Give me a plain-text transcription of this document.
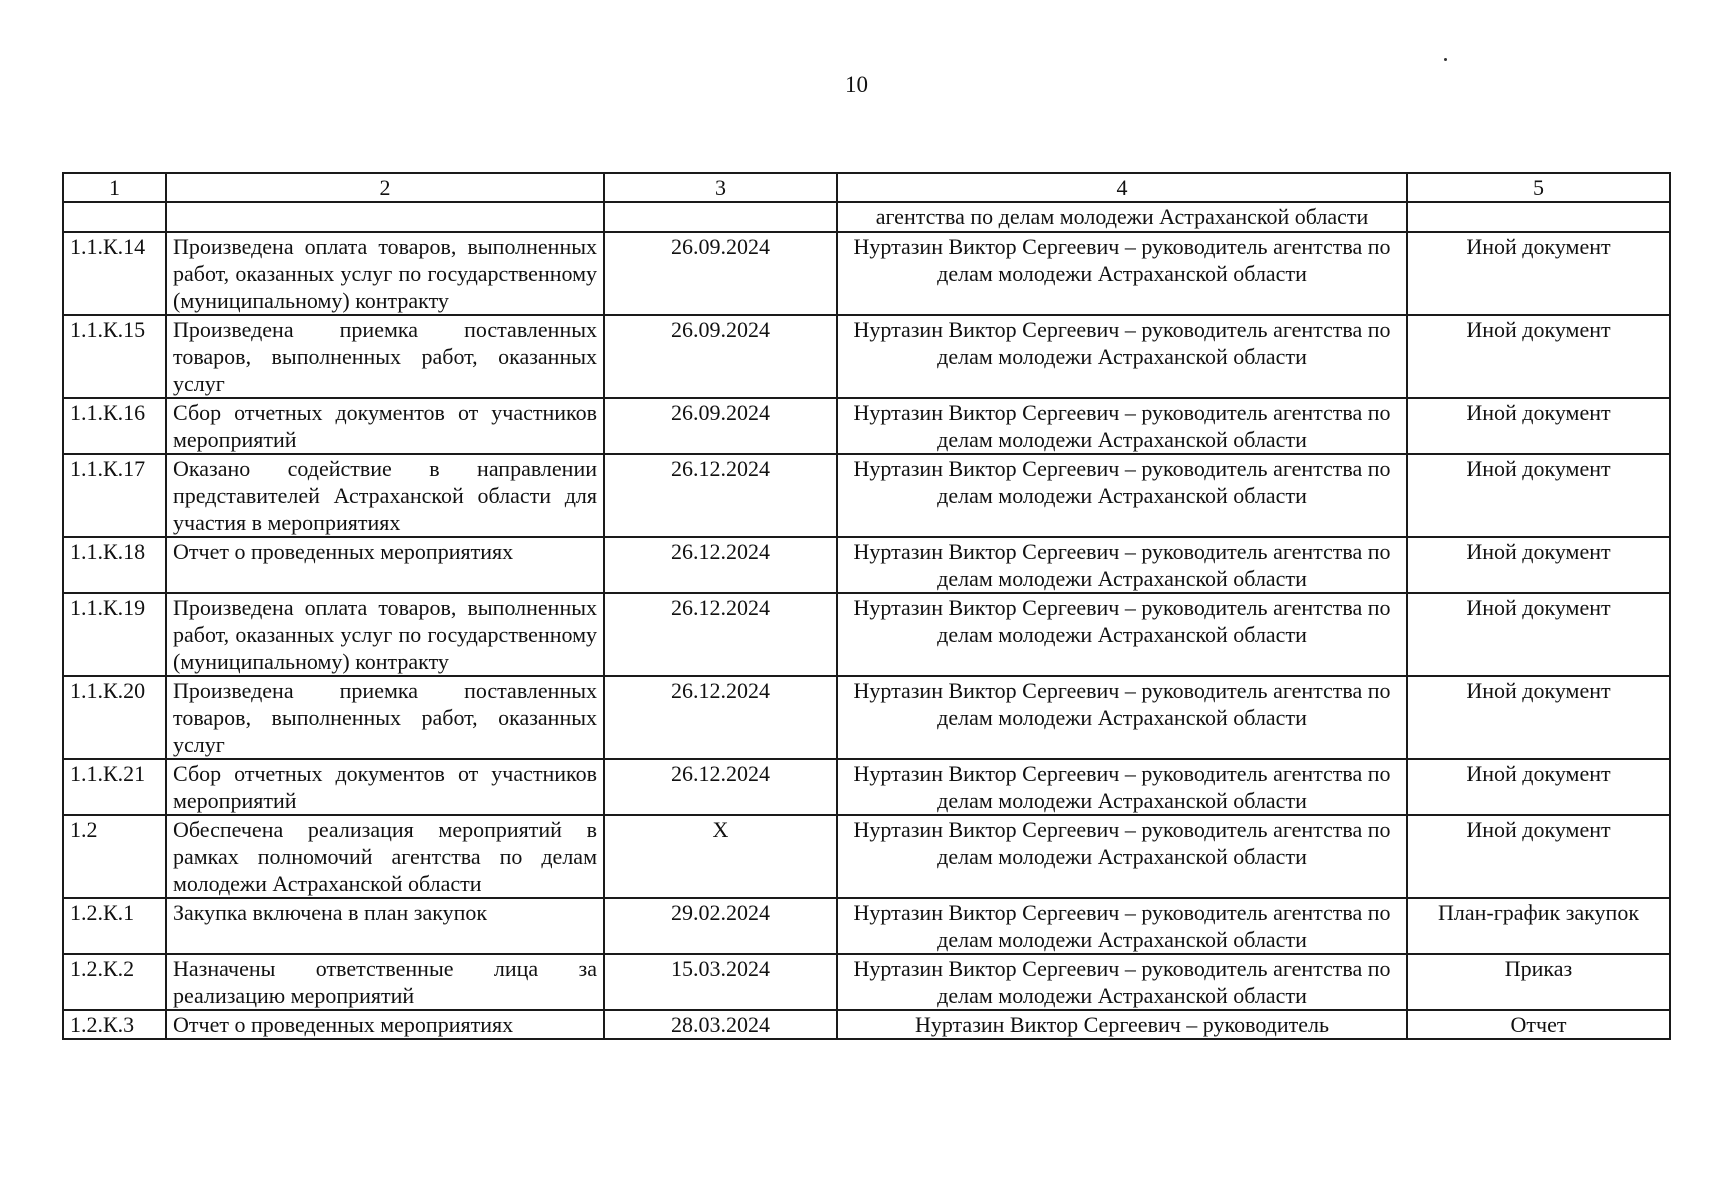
10
1	2	3	4	5
			агентства по делам молодежи Астраханской области	
1.1.К.14	Произведена оплата товаров, выполненных работ, оказанных услуг по государственному (муниципальному) контракту	26.09.2024	Нуртазин Виктор Сергеевич – руководитель агентства по делам молодежи Астраханской области	Иной документ
1.1.К.15	Произведена приемка поставленных товаров, выполненных работ, оказанных услуг	26.09.2024	Нуртазин Виктор Сергеевич – руководитель агентства по делам молодежи Астраханской области	Иной документ
1.1.К.16	Сбор отчетных документов от участников мероприятий	26.09.2024	Нуртазин Виктор Сергеевич – руководитель агентства по делам молодежи Астраханской области	Иной документ
1.1.К.17	Оказано содействие в направлении представителей Астраханской области для участия в мероприятиях	26.12.2024	Нуртазин Виктор Сергеевич – руководитель агентства по делам молодежи Астраханской области	Иной документ
1.1.К.18	Отчет о проведенных мероприятиях	26.12.2024	Нуртазин Виктор Сергеевич – руководитель агентства по делам молодежи Астраханской области	Иной документ
1.1.К.19	Произведена оплата товаров, выполненных работ, оказанных услуг по государственному (муниципальному) контракту	26.12.2024	Нуртазин Виктор Сергеевич – руководитель агентства по делам молодежи Астраханской области	Иной документ
1.1.К.20	Произведена приемка поставленных товаров, выполненных работ, оказанных услуг	26.12.2024	Нуртазин Виктор Сергеевич – руководитель агентства по делам молодежи Астраханской области	Иной документ
1.1.К.21	Сбор отчетных документов от участников мероприятий	26.12.2024	Нуртазин Виктор Сергеевич – руководитель агентства по делам молодежи Астраханской области	Иной документ
1.2	Обеспечена реализация мероприятий в рамках полномочий агентства по делам молодежи Астраханской области	X	Нуртазин Виктор Сергеевич – руководитель агентства по делам молодежи Астраханской области	Иной документ
1.2.К.1	Закупка включена в план закупок	29.02.2024	Нуртазин Виктор Сергеевич – руководитель агентства по делам молодежи Астраханской области	План-график закупок
1.2.К.2	Назначены ответственные лица за реализацию мероприятий	15.03.2024	Нуртазин Виктор Сергеевич – руководитель агентства по делам молодежи Астраханской области	Приказ
1.2.К.3	Отчет о проведенных мероприятиях	28.03.2024	Нуртазин Виктор Сергеевич – руководитель	Отчет
